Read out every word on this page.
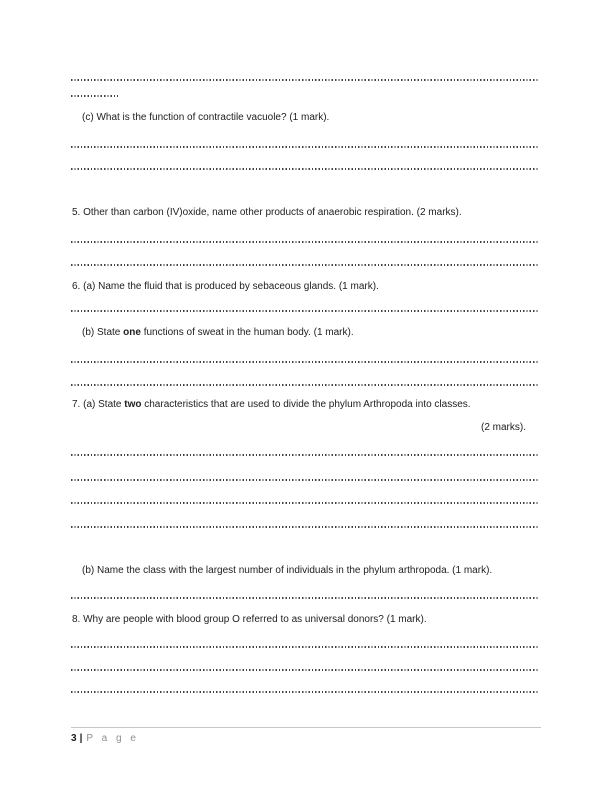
(c) What is the function of contractile vacuole? (1 mark).
5. Other than carbon (IV)oxide, name other products of anaerobic respiration. (2 marks).
6. (a) Name the fluid that is produced by sebaceous glands. (1 mark).
(b) State one functions of sweat in the human body. (1 mark).
7. (a) State two characteristics that are used to divide the phylum Arthropoda into classes.
(2 marks).
(b) Name the class with the largest number of individuals in the phylum arthropoda. (1 mark).
8. Why are people with blood group O referred to as universal donors? (1 mark).
3 | P a g e
